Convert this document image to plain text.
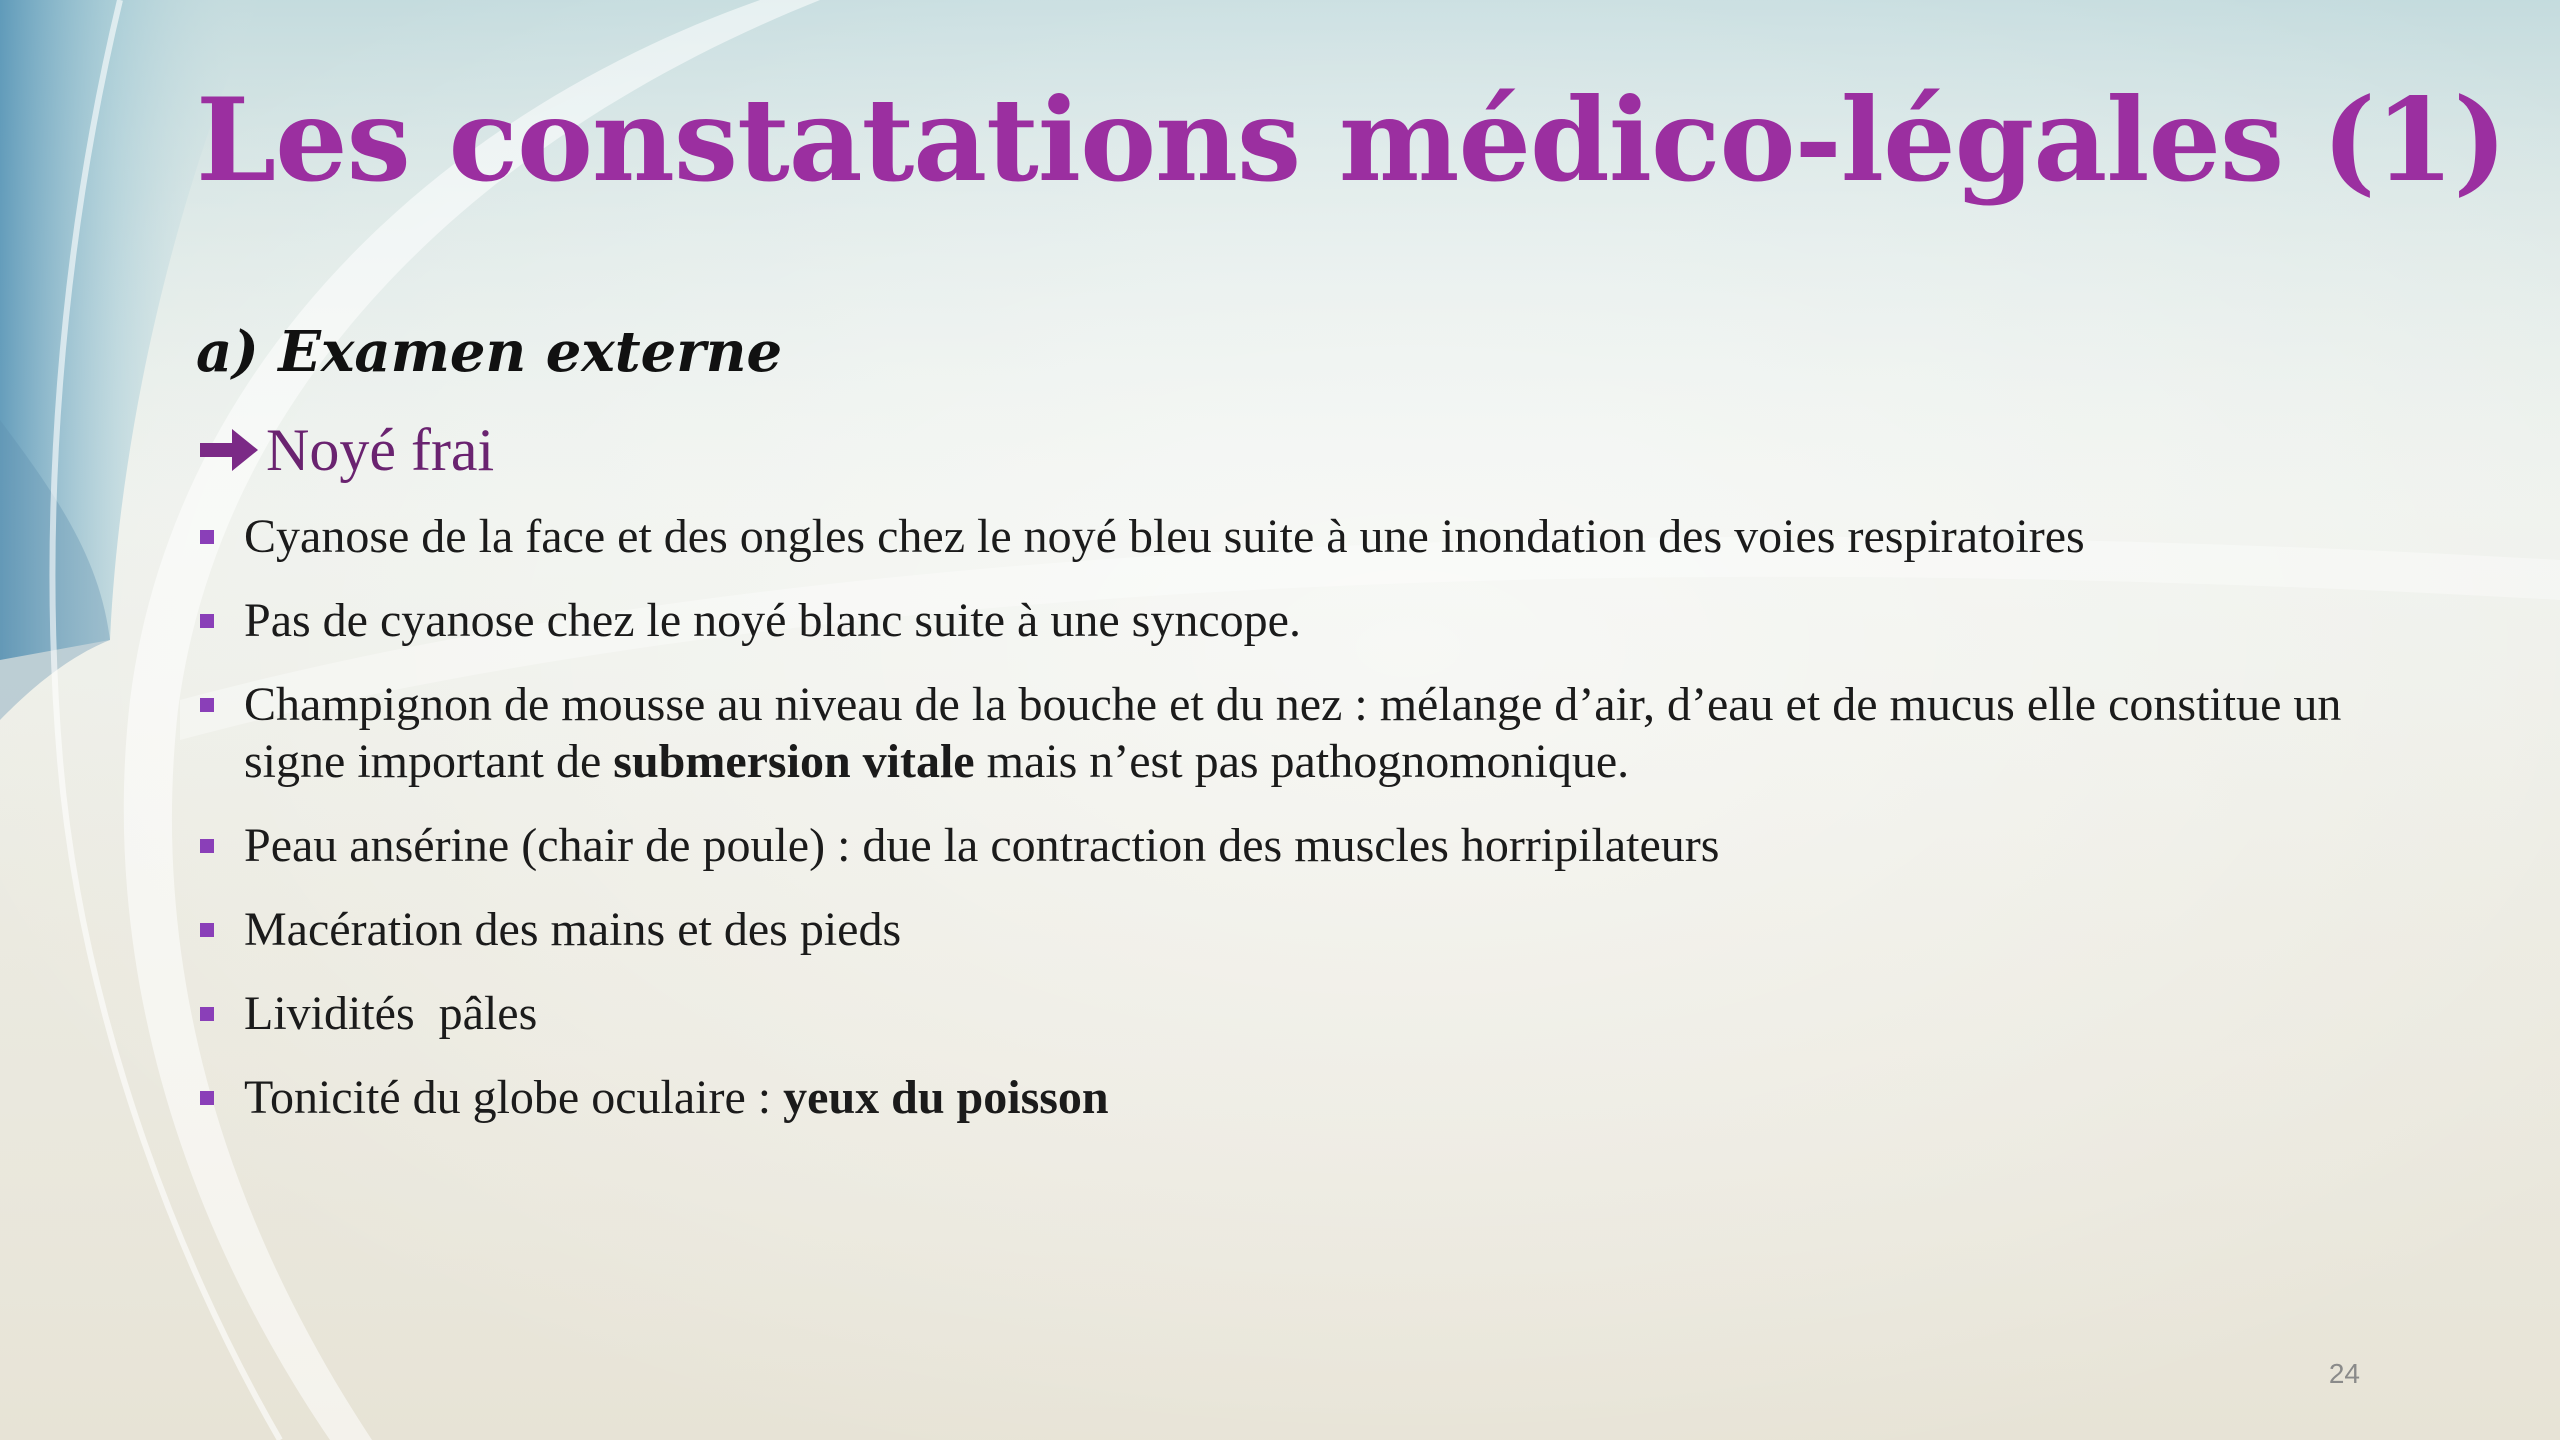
Les constatations médico-légales (1)
a) Examen externe
Noyé frai
Cyanose de la face et des ongles chez le noyé bleu suite à une inondation des voies respiratoires
Pas de cyanose chez le noyé blanc suite à une syncope.
Champignon de mousse au niveau de la bouche et du nez : mélange d’air, d’eau et de mucus elle constitue un signe important de submersion vitale mais n’est pas pathognomonique.
Peau ansérine (chair de poule) : due la contraction des muscles horripilateurs
Macération des mains et des pieds
Lividités  pâles
Tonicité du globe oculaire : yeux du poisson
24
